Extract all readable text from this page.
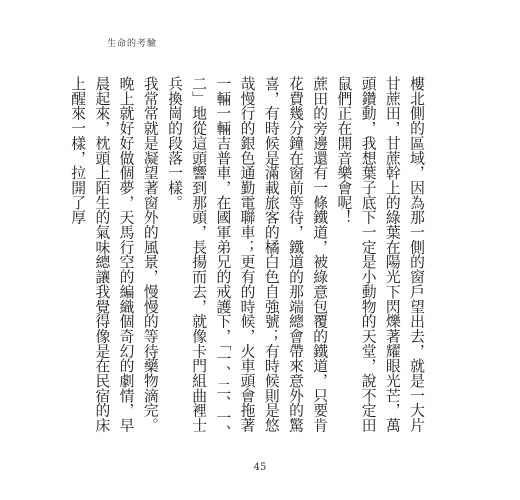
生命的考驗

樓北側的區域，因為那一側的窗戶望出去，就是一大片甘蔗田，甘蔗幹上的綠葉在陽光下閃爍著耀眼光芒，萬頭鑽動，我想葉子底下一定是小動物的天堂，說不定田鼠們正在開音樂會呢！

蔗田的旁邊還有一條鐵道，被綠意包覆的鐵道，只要肯花費幾分鐘在窗前等待，鐵道的那端總會帶來意外的驚喜，有時候是滿載旅客的橘白色自強號；有時候則是悠哉慢行的銀色通勤電聯車；更有的時候，火車頭會拖著一輛一輛吉普車，在國軍弟兄的戒護下，「一、二、一、二」地從這頭響到那頭，長揚而去，就像卡門組曲裡士兵換崗的段落一樣。

我常常就是凝望著窗外的風景，慢慢的等待藥物滴完。

晚上就好好做個夢，天馬行空的編織個奇幻的劇情，早晨起來，枕頭上陌生的氣味總讓我覺得像是在民宿的床上醒來一樣，拉開了厚

45
